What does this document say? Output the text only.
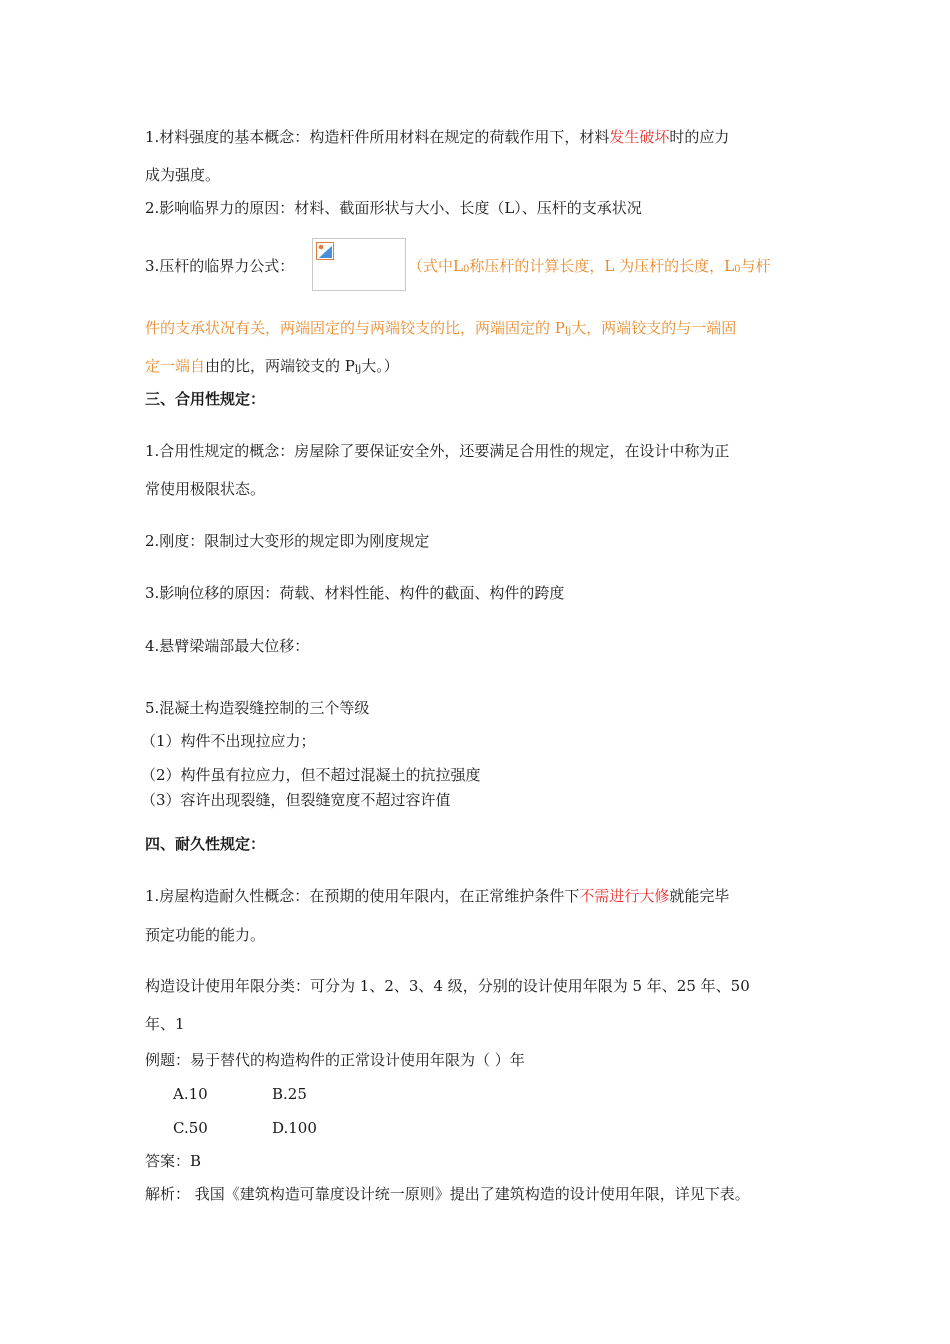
1.材料强度的基本概念：构造杆件所用材料在规定的荷载作用下，材料发生破坏时的应力
成为强度。
2.影响临界力的原因：材料、截面形状与大小、长度（L）、压杆的支承状况
3.压杆的临界力公式：	（式中L0称压杆的计算长度，L 为压杆的长度，L0与杆
件的支承状况有关，两端固定的与两端铰支的比，两端固定的 Plj大，两端铰支的与一端固
定一端自由的比，两端铰支的 Plj大。）
三、合用性规定：
1.合用性规定的概念：房屋除了要保证安全外，还要满足合用性的规定，在设计中称为正
常使用极限状态。
2.刚度：限制过大变形的规定即为刚度规定
3.影响位移的原因：荷载、材料性能、构件的截面、构件的跨度
4.悬臂梁端部最大位移：
5.混凝土构造裂缝控制的三个等级
（1）构件不出现拉应力；
（2）构件虽有拉应力，但不超过混凝土的抗拉强度
（3）容许出现裂缝，但裂缝宽度不超过容许值
四、耐久性规定：
1.房屋构造耐久性概念：在预期的使用年限内，在正常维护条件下不需进行大修就能完毕
预定功能的能力。
构造设计使用年限分类：可分为 1、2、3、4 级，分别的设计使用年限为 5 年、25 年、50
年、1
例题：易于替代的构造构件的正常设计使用年限为（ ）年
A.10	B.25
C.50	D.100
答案：B
解析： 我国《建筑构造可靠度设计统一原则》提出了建筑构造的设计使用年限，详见下表。
